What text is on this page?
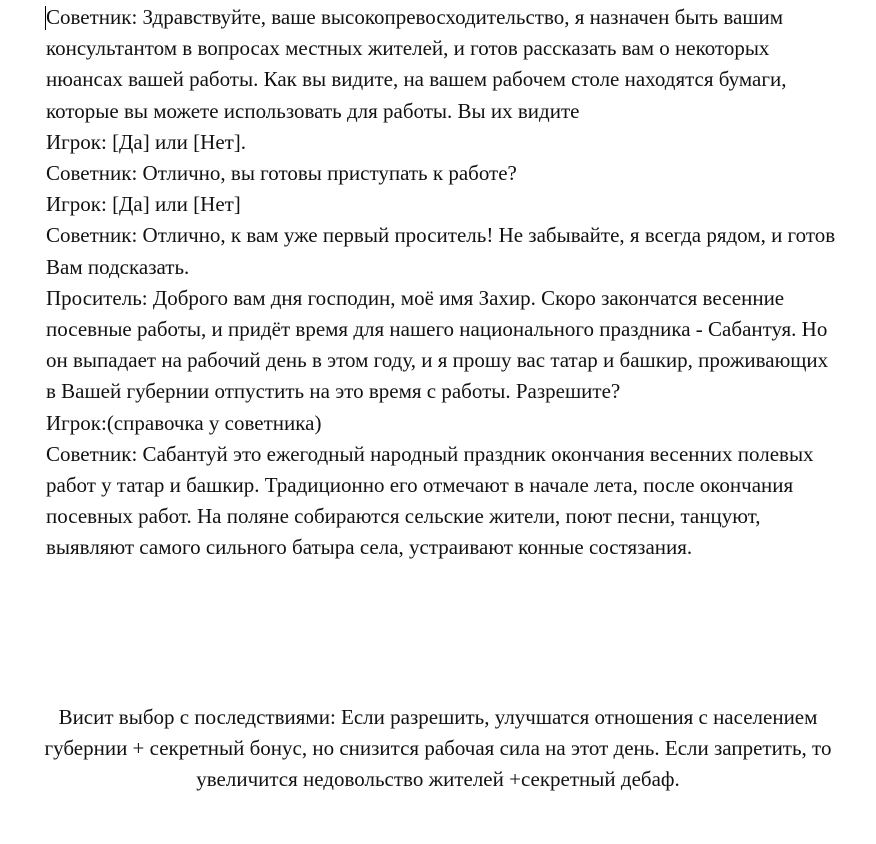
Советник: Здравствуйте, ваше высокопревосходительство, я назначен быть вашим консультантом в вопросах местных жителей, и готов рассказать вам о некоторых нюансах вашей работы. Как вы видите, на вашем рабочем столе находятся бумаги, которые вы можете использовать для работы. Вы их видите

Игрок: [Да] или [Нет].

Советник: Отлично, вы готовы приступать к работе?

Игрок: [Да] или [Нет]

Советник: Отлично, к вам уже первый проситель! Не забывайте, я всегда рядом, и готов Вам подсказать.

Проситель: Доброго вам дня господин, моё имя Захир. Скоро закончатся весенние посевные работы, и придёт время для нашего национального праздника - Сабантуя. Но он выпадает на рабочий день в этом году, и я прошу вас татар и башкир, проживающих в Вашей губернии отпустить на это время с работы. Разрешите?

Игрок:(справочка у советника)

Советник: Сабантуй это ежегодный народный праздник окончания весенних полевых работ у татар и башкир. Традиционно его отмечают в начале лета, после окончания посевных работ. На поляне собираются сельские жители, поют песни, танцуют, выявляют самого сильного батыра села, устраивают конные состязания.

Висит выбор с последствиями: Если разрешить, улучшатся отношения с населением губернии + секретный бонус, но снизится рабочая сила на этот день. Если запретить, то увеличится недовольство жителей +секретный дебаф.
